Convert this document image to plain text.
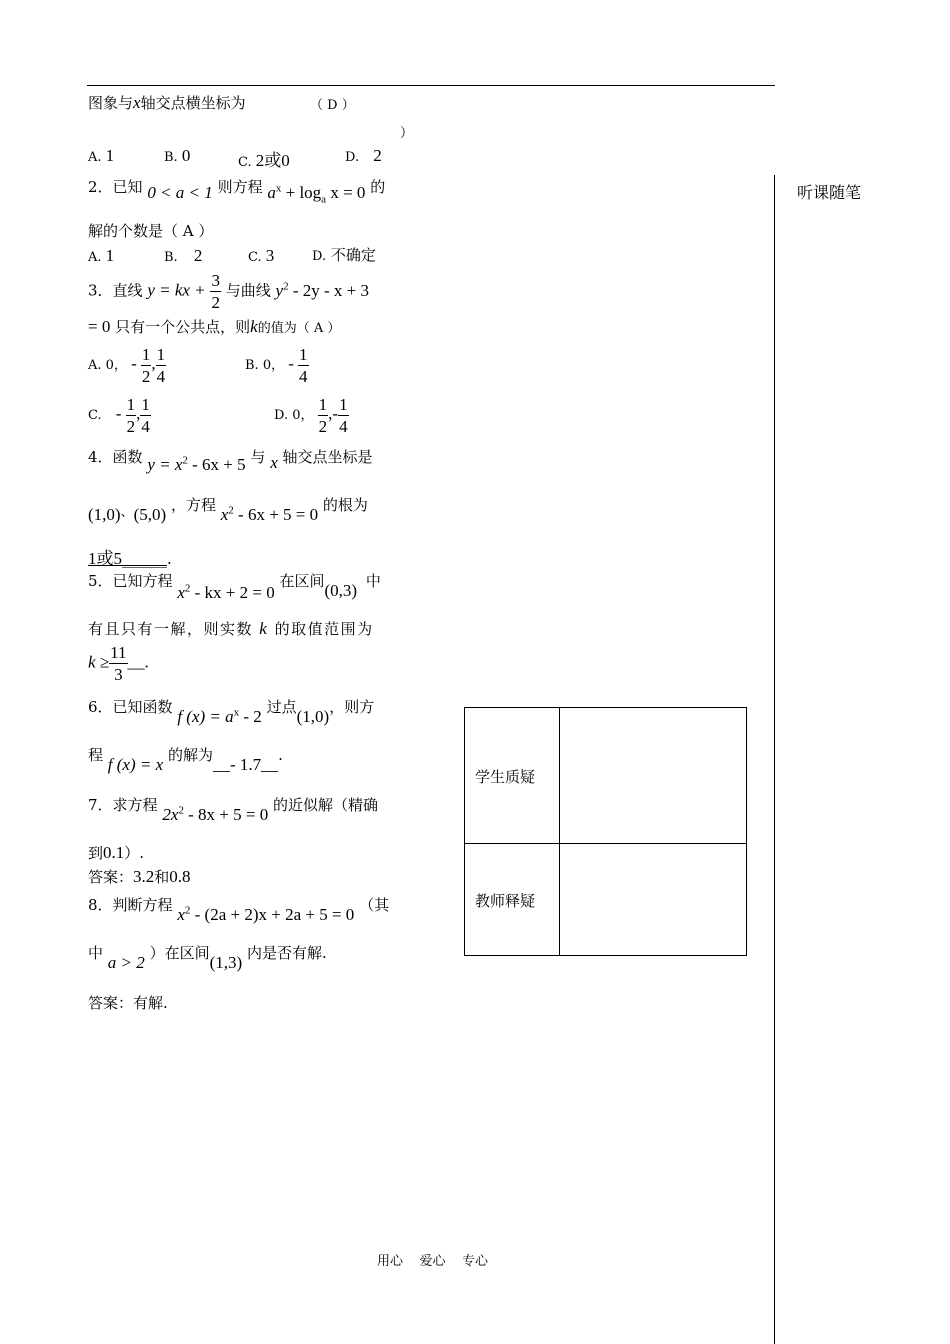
图象与x轴交点横坐标为	（ D ）
）
A. 1	B. 0	C. 2或0	D. 2
2．已知 0 < a < 1 则方程 $a^x + \log_a x = 0$ 的
解的个数是（ A ）
A. 1	B. 2	C. 3	D. 不确定
3．直线 y = kx + $\frac{3}{2}$ 与曲线 $y^2 - 2y - x + 3$
= 0 只有一个公共点，则k的值为（ A ）
A. 0， - $\frac{1}{2}$ , $\frac{1}{4}$	B. 0， - $\frac{1}{4}$
C. - $\frac{1}{2}$ , $\frac{1}{4}$	D. 0， $\frac{1}{2}$ ,- $\frac{1}{4}$
4．函数 $y = x^2 - 6x + 5$ 与 x 轴交点坐标是
(1,0)、(5,0) ，方程 $x^2 - 6x + 5 = 0$ 的根为
1或5______.
5．已知方程 $x^2$ - kx + 2 = 0 在区间(0,3) 中
有且只有一解，则实数 k 的取值范围为
$k \ge \frac{11}{3}$ __.
6．已知函数 f $(x) = a^x - 2$ 过点(1,0)，则方
程 f (x) = x 的解为__- 1.7__.
7．求方程 $2x^2 - 8x + 5 = 0$ 的近似解（精确
到0.1）.
答案：3.2和0.8
8．判断方程 $x^2 - (2a + 2)x + 2a + 5 = 0$ （其
中 a > 2 ）在区间(1,3) 内是否有解.
答案：有解.
听课随笔
学生质疑
教师释疑
用心    爱心    专心
